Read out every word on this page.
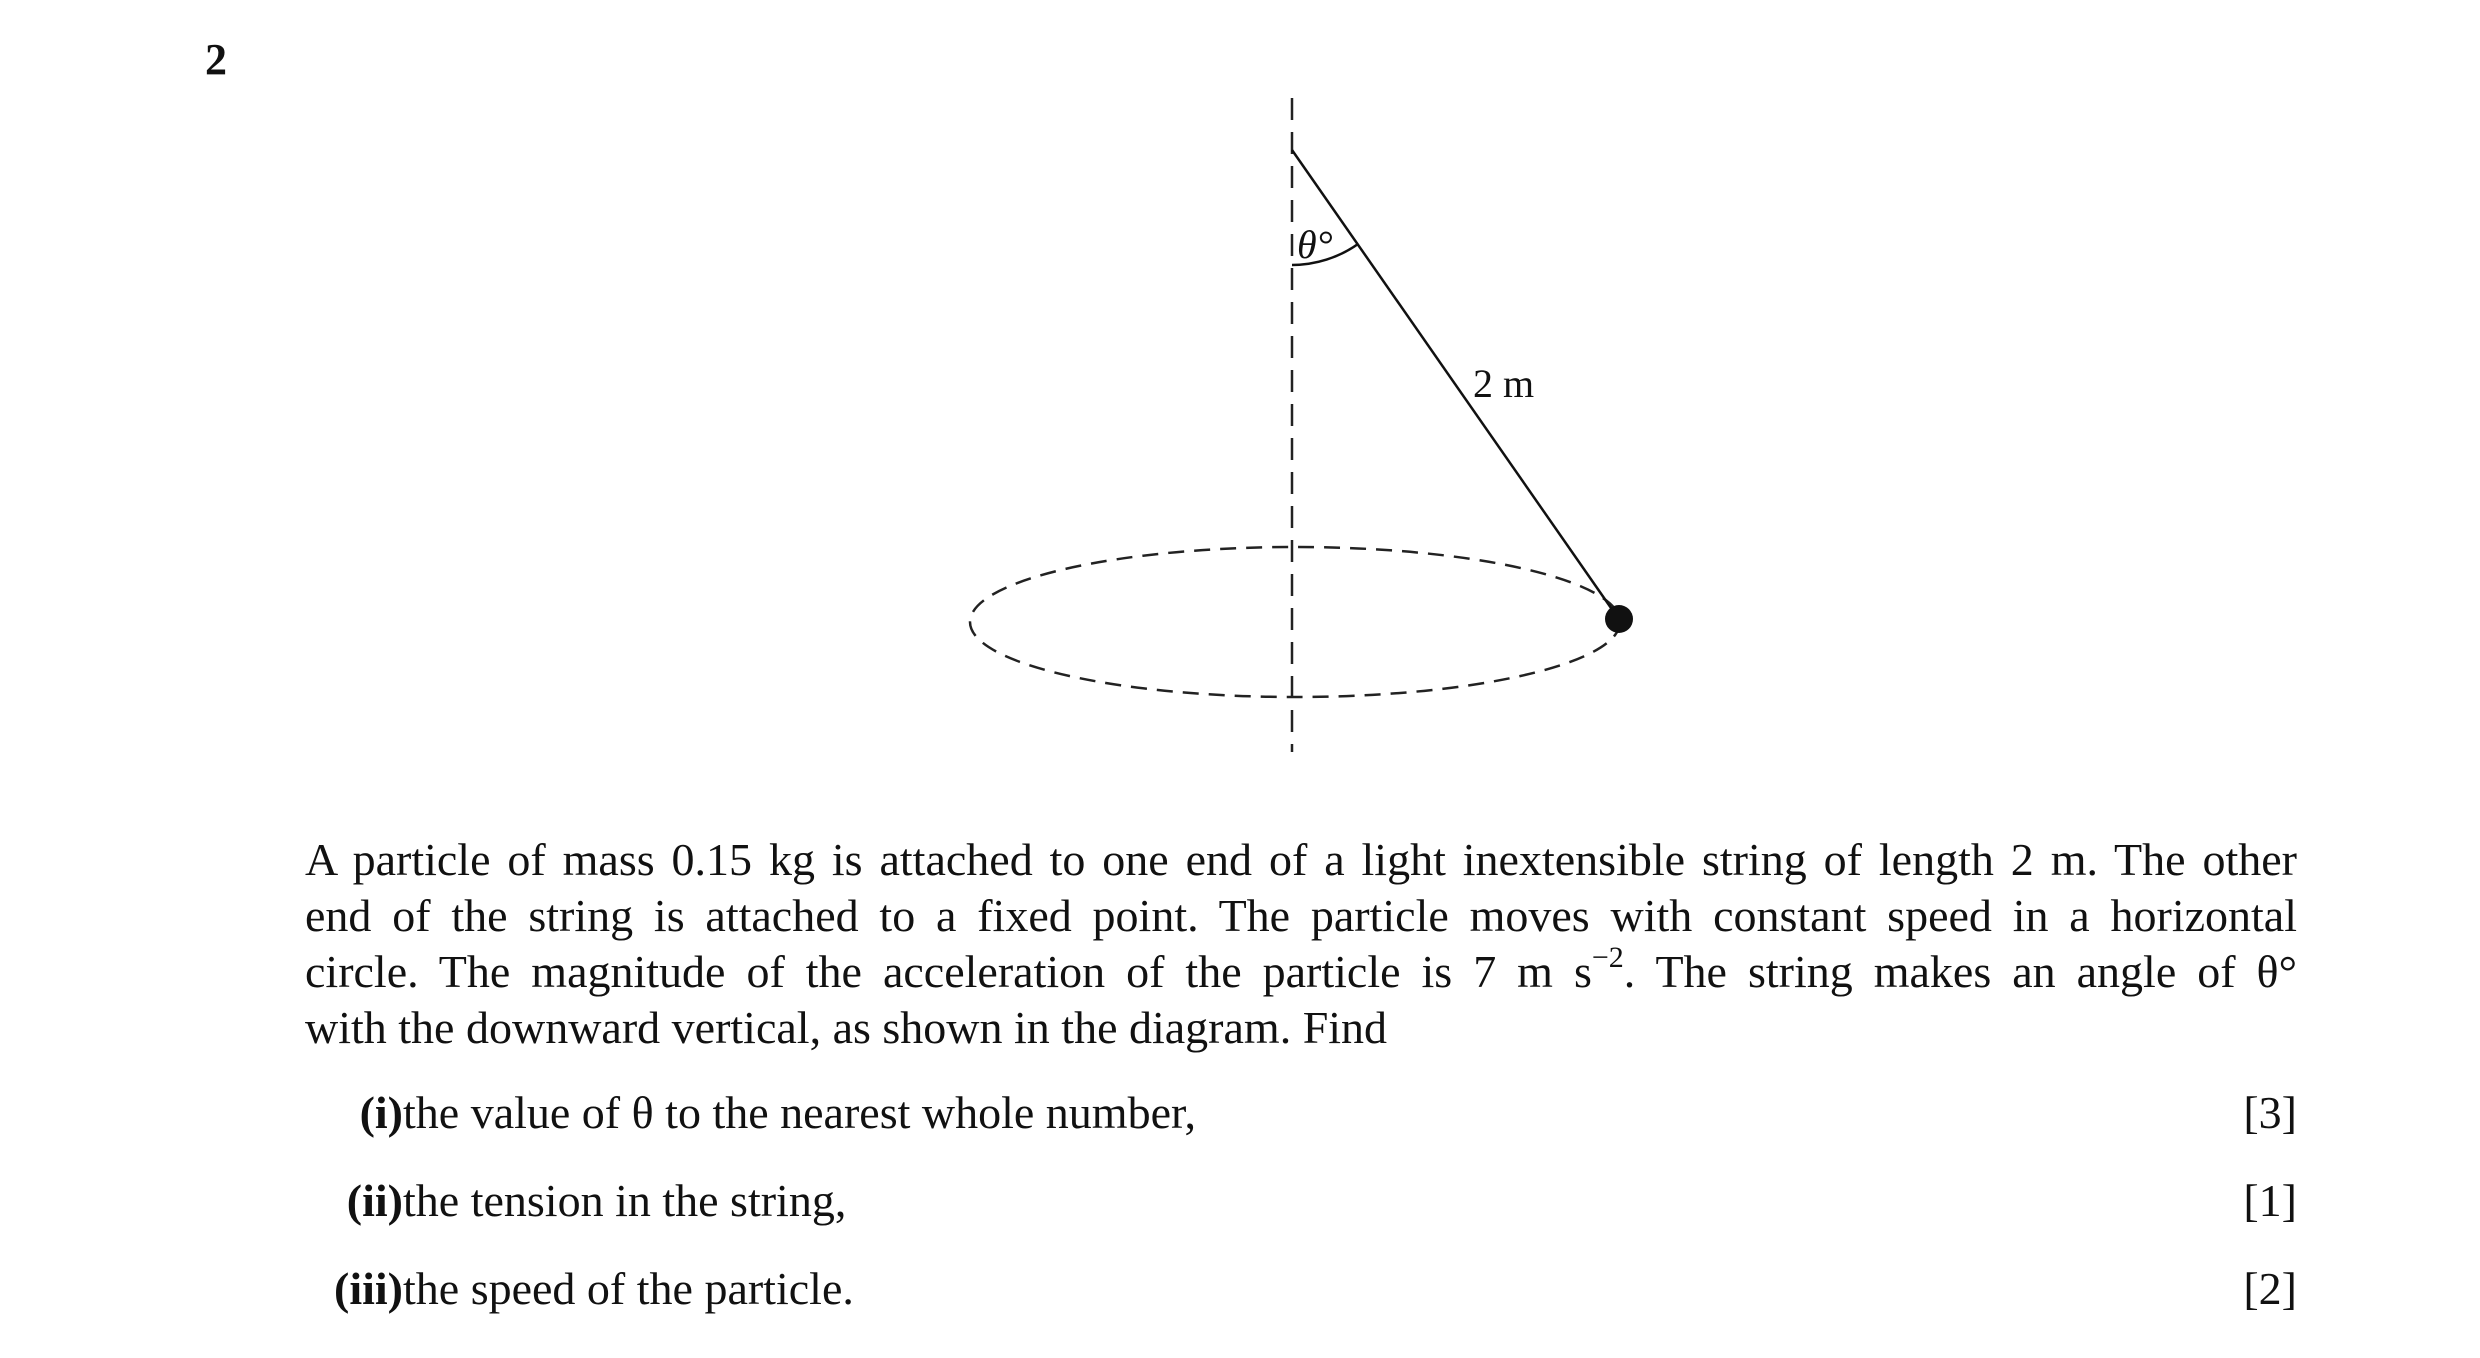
2
θ°
2 m
A particle of mass 0.15 kg is attached to one end of a light inextensible string of length 2 m. The other
end of the string is attached to a fixed point. The particle moves with constant speed in a horizontal
circle. The magnitude of the acceleration of the particle is 7 m $s^{-2}$. The string makes an angle of θ°
with the downward vertical, as shown in the diagram. Find
(i) the value of θ to the nearest whole number,	[3]
(ii) the tension in the string,	[1]
(iii) the speed of the particle.	[2]
